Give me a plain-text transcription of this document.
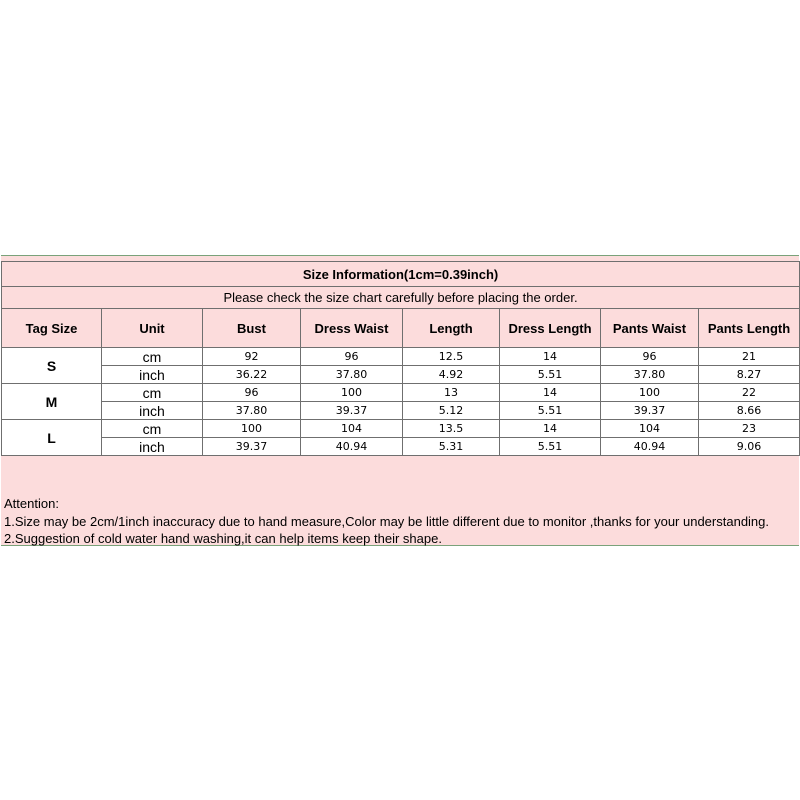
Size Information(1cm=0.39inch)							
Please check the size chart carefully before placing the order.							
Tag Size	Unit	Bust	Dress Waist	Length	Dress Length	Pants Waist	Pants Length
S	cm	92	96	12.5	14	96	21
	inch	36.22	37.80	4.92	5.51	37.80	8.27
M	cm	96	100	13	14	100	22
	inch	37.80	39.37	5.12	5.51	39.37	8.66
L	cm	100	104	13.5	14	104	23
	inch	39.37	40.94	5.31	5.51	40.94	9.06
Attention:
1.Size may be 2cm/1inch inaccuracy due to hand measure,Color may be little different due to monitor ,thanks for your understanding.
2.Suggestion of cold water hand washing,it can help items keep their shape.
